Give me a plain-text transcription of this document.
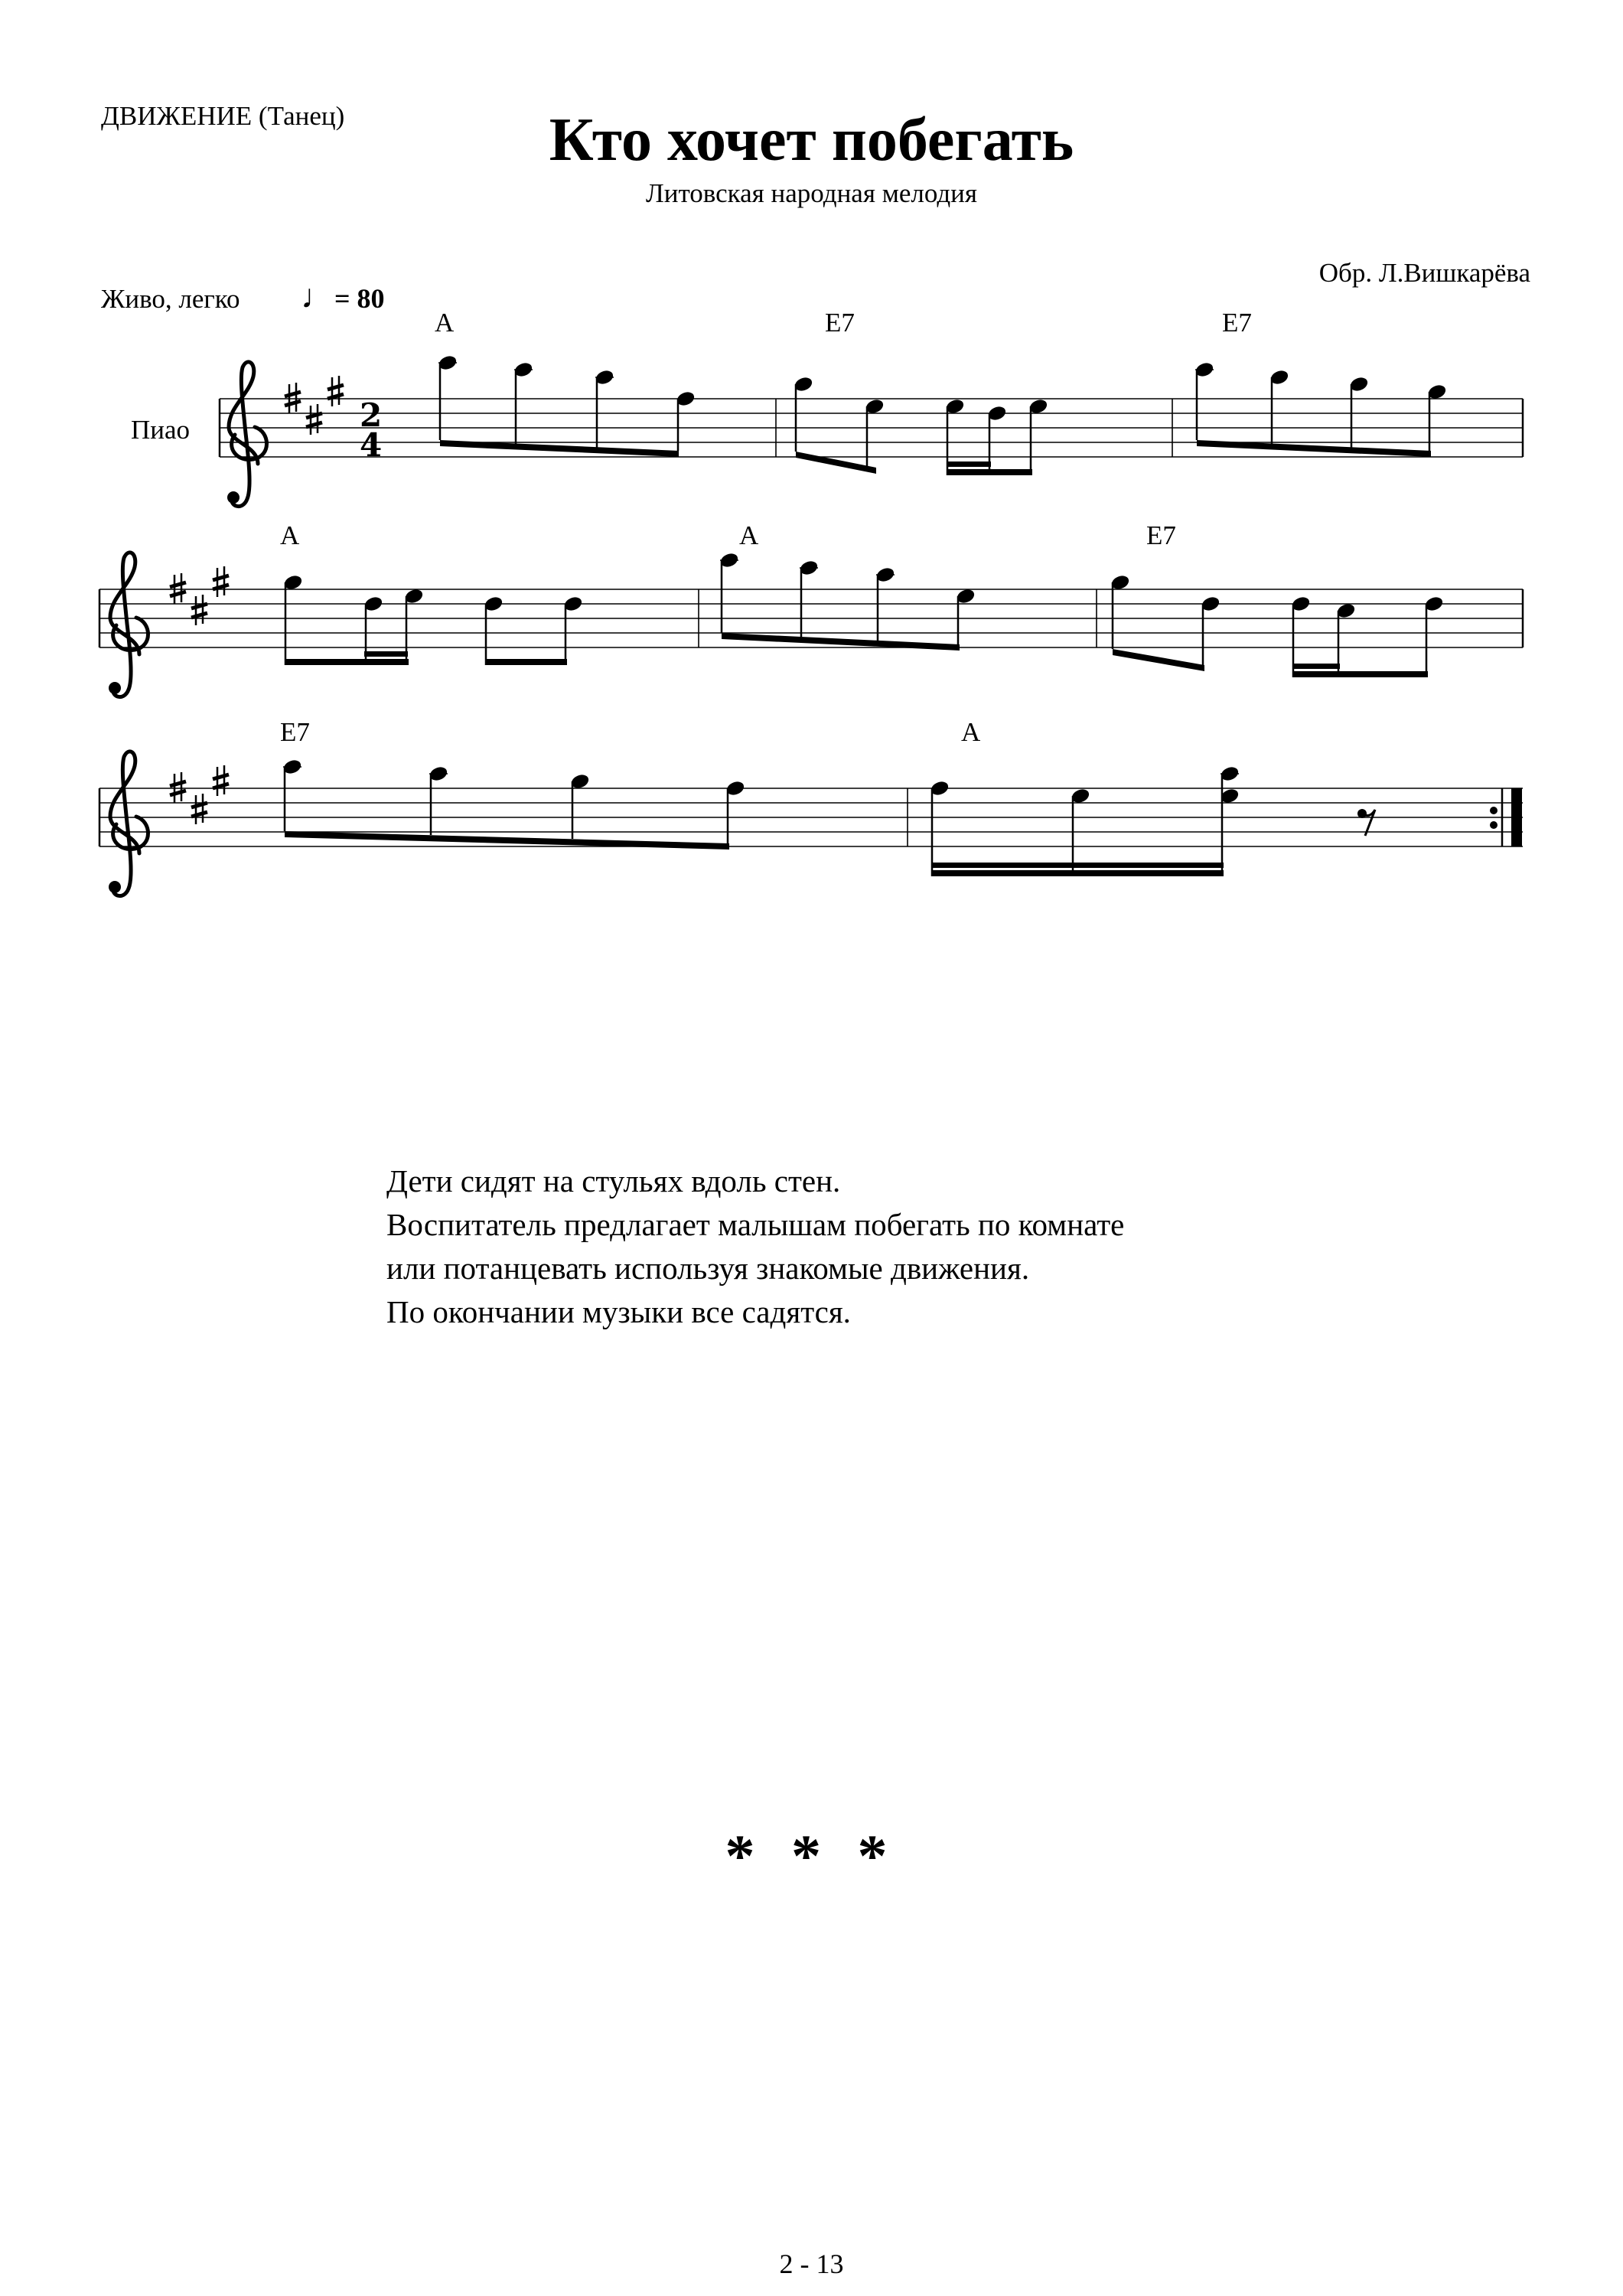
ДВИЖЕНИЕ (Танец)	Кто хочет побегать
Литовская народная мелодия
Обр. Л.Вишкарёва
Живо, легко ♩= 80
Пиао
A	E7	E7
A	A	E7
E7	A
2
4
Дети сидят на стульях вдоль стен.
Воспитатель предлагает малышам побегать по комнате
или потанцевать используя знакомые движения.
По окончании музыки все садятся.
* * *
2 - 13
